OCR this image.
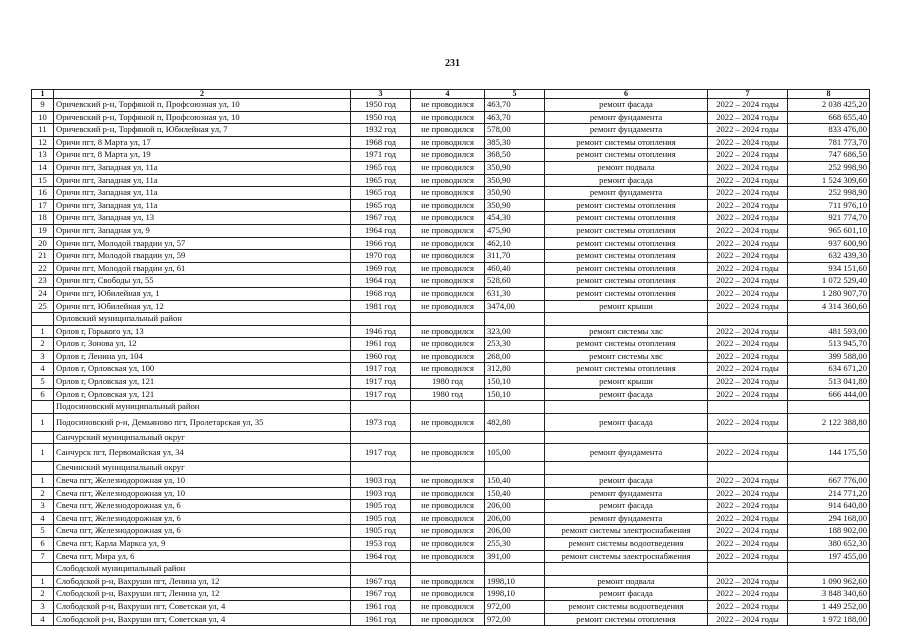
231
1	2	3	4	5	6	7	8
9	Оричевский р-н, Торфяной п, Профсоюзная ул, 10	1950 год	не проводился	463,70	ремонт фасада	2022 – 2024 годы	2 038 425,20
10	Оричевский р-н, Торфяной п, Профсоюзная ул, 10	1950 год	не проводился	463,70	ремонт фундамента	2022 – 2024 годы	668 655,40
11	Оричевский р-н, Торфяной п, Юбилейная ул, 7	1932 год	не проводился	578,00	ремонт фундамента	2022 – 2024 годы	833 476,00
12	Оричи пгт, 8 Марта ул, 17	1968 год	не проводился	385,30	ремонт системы отопления	2022 – 2024 годы	781 773,70
13	Оричи пгт, 8 Марта ул, 19	1971 год	не проводился	368,50	ремонт системы отопления	2022 – 2024 годы	747 686,50
14	Оричи пгт, Западная ул, 11а	1965 год	не проводился	350,90	ремонт подвала	2022 – 2024 годы	252 998,90
15	Оричи пгт, Западная ул, 11а	1965 год	не проводился	350,90	ремонт фасада	2022 – 2024 годы	1 524 309,60
16	Оричи пгт, Западная ул, 11а	1965 год	не проводился	350,90	ремонт фундамента	2022 – 2024 годы	252 998,90
17	Оричи пгт, Западная ул, 11а	1965 год	не проводился	350,90	ремонт системы отопления	2022 – 2024 годы	711 976,10
18	Оричи пгт, Западная ул, 13	1967 год	не проводился	454,30	ремонт системы отопления	2022 – 2024 годы	921 774,70
19	Оричи пгт, Западная ул, 9	1964 год	не проводился	475,90	ремонт системы отопления	2022 – 2024 годы	965 601,10
20	Оричи пгт, Молодой гвардии ул, 57	1966 год	не проводился	462,10	ремонт системы отопления	2022 – 2024 годы	937 600,90
21	Оричи пгт, Молодой гвардии ул, 59	1970 год	не проводился	311,70	ремонт системы отопления	2022 – 2024 годы	632 439,30
22	Оричи пгт, Молодой гвардии ул, 61	1969 год	не проводился	460,40	ремонт системы отопления	2022 – 2024 годы	934 151,60
23	Оричи пгт, Свободы ул, 55	1964 год	не проводился	528,60	ремонт системы отопления	2022 – 2024 годы	1 072 529,40
24	Оричи пгт, Юбилейная ул, 1	1968 год	не проводился	631,30	ремонт системы отопления	2022 – 2024 годы	1 280 907,70
25	Оричи пгт, Юбилейная ул, 12	1981 год	не проводился	3474,00	ремонт крыши	2022 – 2024 годы	4 314 360,60
	Орловский муниципальный район						
1	Орлов г, Горького ул, 13	1946 год	не проводился	323,00	ремонт системы хвс	2022 – 2024 годы	481 593,00
2	Орлов г, Зонова ул, 12	1961 год	не проводился	253,30	ремонт системы отопления	2022 – 2024 годы	513 945,70
3	Орлов г, Ленина ул, 104	1960 год	не проводился	268,00	ремонт системы хвс	2022 – 2024 годы	399 588,00
4	Орлов г, Орловская ул, 100	1917 год	не проводился	312,80	ремонт системы отопления	2022 – 2024 годы	634 671,20
5	Орлов г, Орловская ул, 121	1917 год	1980 год	150,10	ремонт крыши	2022 – 2024 годы	513 041,80
6	Орлов г, Орловская ул, 121	1917 год	1980 год	150,10	ремонт фасада	2022 – 2024 годы	666 444,00
	Подосиновский муниципальный район						
1	Подосиновский р-н, Демьяново пгт, Пролетарская ул, 35	1973 год	не проводился	482,80	ремонт фасада	2022 – 2024 годы	2 122 388,80
	Санчурский муниципальный округ						
1	Санчурск пгт, Первомайская ул, 34	1917 год	не проводился	105,00	ремонт фундамента	2022 – 2024 годы	144 175,50
	Свечинский муниципальный округ						
1	Свеча пгт, Железнодорожная ул, 10	1903 год	не проводился	150,40	ремонт фасада	2022 – 2024 годы	667 776,00
2	Свеча пгт, Железнодорожная ул, 10	1903 год	не проводился	150,40	ремонт фундамента	2022 – 2024 годы	214 771,20
3	Свеча пгт, Железнодорожная ул, 6	1905 год	не проводился	206,00	ремонт фасада	2022 – 2024 годы	914 640,00
4	Свеча пгт, Железнодорожная ул, 6	1905 год	не проводился	206,00	ремонт фундамента	2022 – 2024 годы	294 168,00
5	Свеча пгт, Железнодорожная ул, 6	1905 год	не проводился	206,00	ремонт системы электроснабжения	2022 – 2024 годы	188 902,00
6	Свеча пгт, Карла Маркса ул, 9	1953 год	не проводился	255,30	ремонт системы водоотведения	2022 – 2024 годы	380 652,30
7	Свеча пгт, Мира ул, 6	1964 год	не проводился	391,00	ремонт системы электроснабжения	2022 – 2024 годы	197 455,00
	Слободской муниципальный район						
1	Слободской р-н, Вахруши пгт, Ленина ул, 12	1967 год	не проводился	1998,10	ремонт подвала	2022 – 2024 годы	1 090 962,60
2	Слободской р-н, Вахруши пгт, Ленина ул, 12	1967 год	не проводился	1998,10	ремонт фасада	2022 – 2024 годы	3 848 340,60
3	Слободской р-н, Вахруши пгт, Советская ул, 4	1961 год	не проводился	972,00	ремонт системы водоотведения	2022 – 2024 годы	1 449 252,00
4	Слободской р-н, Вахруши пгт, Советская ул, 4	1961 год	не проводился	972,00	ремонт системы отопления	2022 – 2024 годы	1 972 188,00
